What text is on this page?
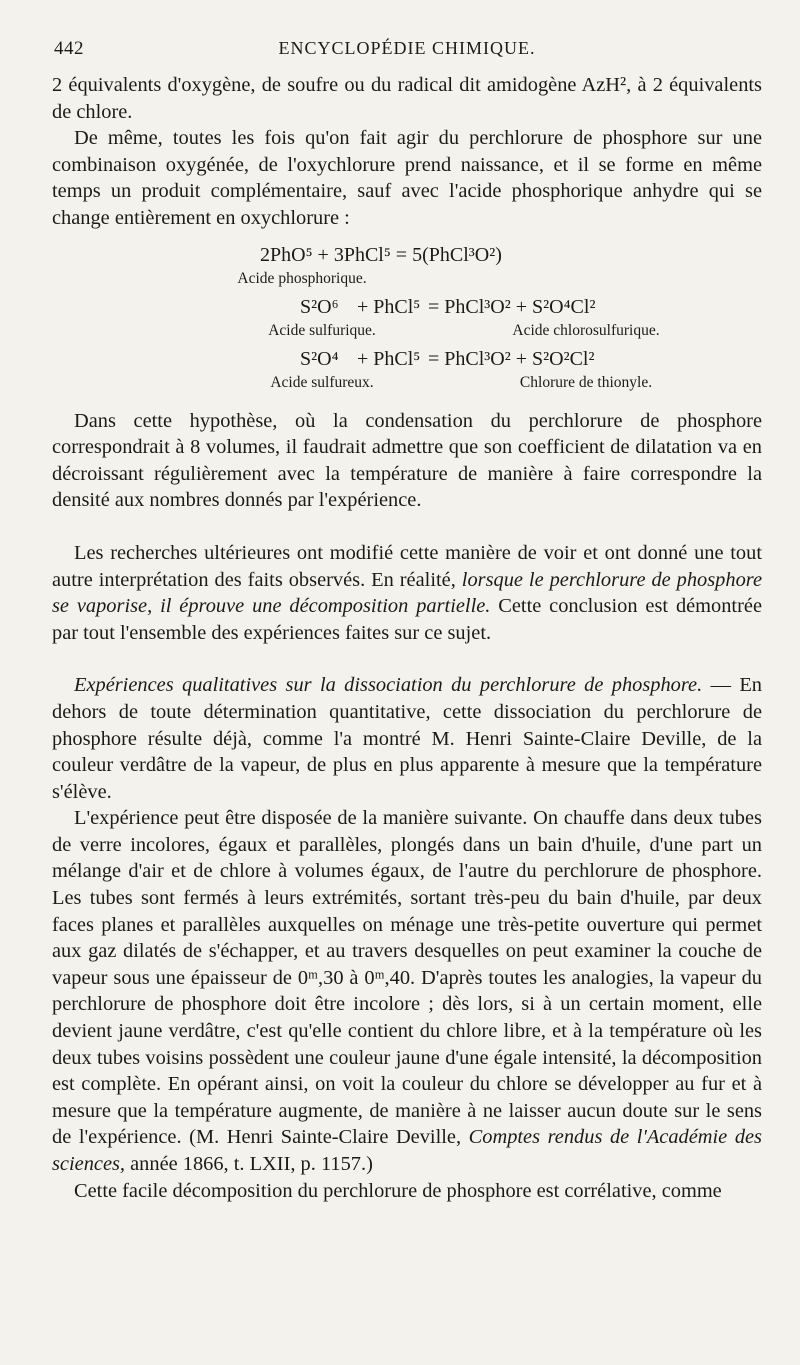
442	ENCYCLOPÉDIE CHIMIQUE.

2 équivalents d'oxygène, de soufre ou du radical dit amidogène AzH², à 2 équivalents de chlore.

De même, toutes les fois qu'on fait agir du perchlorure de phosphore sur une combinaison oxygénée, de l'oxychlorure prend naissance, et il se forme en même temps un produit complémentaire, sauf avec l'acide phosphorique anhydre qui se change entièrement en oxychlorure :

2PhO⁵ + 3PhCl⁵ = 5(PhCl³O²)
Acide phosphorique.
S²O⁶ + PhCl⁵ = PhCl³O² + S²O⁴Cl²
Acide sulfurique.	Acide chlorosulfurique.
S²O⁴ + PhCl⁵ = PhCl³O² + S²O²Cl²
Acide sulfureux.	Chlorure de thionyle.

Dans cette hypothèse, où la condensation du perchlorure de phosphore correspondrait à 8 volumes, il faudrait admettre que son coefficient de dilatation va en décroissant régulièrement avec la température de manière à faire correspondre la densité aux nombres donnés par l'expérience.

Les recherches ultérieures ont modifié cette manière de voir et ont donné une tout autre interprétation des faits observés. En réalité, lorsque le perchlorure de phosphore se vaporise, il éprouve une décomposition partielle. Cette conclusion est démontrée par tout l'ensemble des expériences faites sur ce sujet.

Expériences qualitatives sur la dissociation du perchlorure de phosphore. — En dehors de toute détermination quantitative, cette dissociation du perchlorure de phosphore résulte déjà, comme l'a montré M. Henri Sainte-Claire Deville, de la couleur verdâtre de la vapeur, de plus en plus apparente à mesure que la température s'élève.

L'expérience peut être disposée de la manière suivante. On chauffe dans deux tubes de verre incolores, égaux et parallèles, plongés dans un bain d'huile, d'une part un mélange d'air et de chlore à volumes égaux, de l'autre du perchlorure de phosphore. Les tubes sont fermés à leurs extrémités, sortant très-peu du bain d'huile, par deux faces planes et parallèles auxquelles on ménage une très-petite ouverture qui permet aux gaz dilatés de s'échapper, et au travers desquelles on peut examiner la couche de vapeur sous une épaisseur de 0ᵐ,30 à 0ᵐ,40. D'après toutes les analogies, la vapeur du perchlorure de phosphore doit être incolore ; dès lors, si à un certain moment, elle devient jaune verdâtre, c'est qu'elle contient du chlore libre, et à la température où les deux tubes voisins possèdent une couleur jaune d'une égale intensité, la décomposition est complète. En opérant ainsi, on voit la couleur du chlore se développer au fur et à mesure que la température augmente, de manière à ne laisser aucun doute sur le sens de l'expérience. (M. Henri Sainte-Claire Deville, Comptes rendus de l'Académie des sciences, année 1866, t. LXII, p. 1157.)

Cette facile décomposition du perchlorure de phosphore est corrélative, comme
